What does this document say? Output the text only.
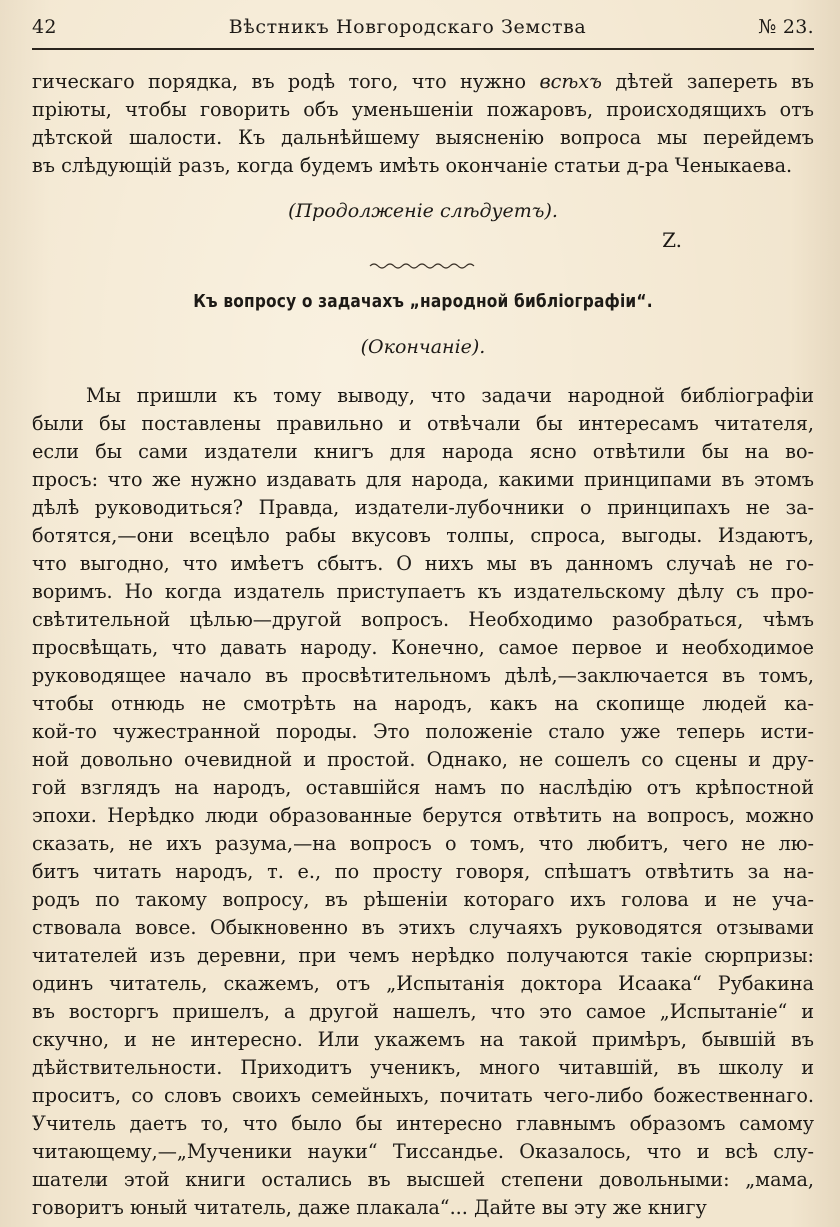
42	Вѣстникъ Новгородскаго Земства	№ 23.
гическаго порядка, въ родѣ того, что нужно всѣхъ дѣтей запереть въ
пріюты, чтобы говорить объ уменьшеніи пожаровъ, происходящихъ отъ
дѣтской шалости. Къ дальнѣйшему выясненію вопроса мы перейдемъ
въ слѣдующій разъ, когда будемъ имѣть окончаніе статьи д-ра Ченыкаева.
(Продолженіе слѣдуетъ).
Z.
Къ вопросу о задачахъ „народной библіографіи“.
(Окончаніе).
Мы пришли къ тому выводу, что задачи народной библіографіи
были бы поставлены правильно и отвѣчали бы интересамъ читателя,
если бы сами издатели книгъ для народа ясно отвѣтили бы на во-
просъ: что же нужно издавать для народа, какими принципами въ этомъ
дѣлѣ руководиться? Правда, издатели-лубочники о принципахъ не за-
ботятся,—они всецѣло рабы вкусовъ толпы, спроса, выгоды. Издаютъ,
что выгодно, что имѣетъ сбытъ. О нихъ мы въ данномъ случаѣ не го-
воримъ. Но когда издатель приступаетъ къ издательскому дѣлу съ про-
свѣтительной цѣлью—другой вопросъ. Необходимо разобраться, чѣмъ
просвѣщать, что давать народу. Конечно, самое первое и необходимое
руководящее начало въ просвѣтительномъ дѣлѣ,—заключается въ томъ,
чтобы отнюдь не смотрѣть на народъ, какъ на скопище людей ка-
кой-то чужестранной породы. Это положеніе стало уже теперь исти-
ной довольно очевидной и простой. Однако, не сошелъ со сцены и дру-
гой взглядъ на народъ, оставшійся намъ по наслѣдію отъ крѣпостной
эпохи. Нерѣдко люди образованные берутся отвѣтить на вопросъ, можно
сказать, не ихъ разума,—на вопросъ о томъ, что любитъ, чего не лю-
битъ читать народъ, т. е., по просту говоря, спѣшатъ отвѣтить за на-
родъ по такому вопросу, въ рѣшеніи котораго ихъ голова и не уча-
ствовала вовсе. Обыкновенно въ этихъ случаяхъ руководятся отзывами
читателей изъ деревни, при чемъ нерѣдко получаются такіе сюрпризы:
одинъ читатель, скажемъ, отъ „Испытанія доктора Исаака“ Рубакина
въ восторгъ пришелъ, а другой нашелъ, что это самое „Испытаніе“ и
скучно, и не интересно. Или укажемъ на такой примѣръ, бывшій въ
дѣйствительности. Приходитъ ученикъ, много читавшій, въ школу и
проситъ, со словъ своихъ семейныхъ, почитать чего-либо божественнаго.
Учитель даетъ то, что было бы интересно главнымъ образомъ самому
читающему,—„Мученики науки“ Тиссандье. Оказалось, что и всѣ слу-
шатели этой книги остались въ высшей степени довольными: „мама,
говоритъ юный читатель, даже плакала“... Дайте вы эту же книгу
